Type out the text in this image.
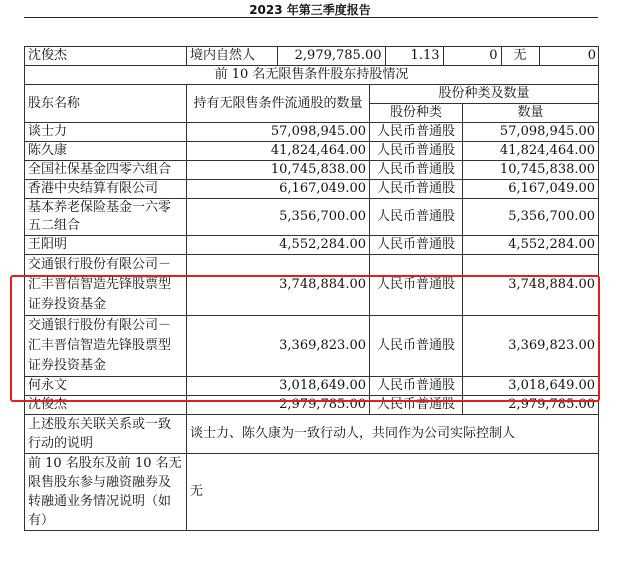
2023 年第三季度报告
沈俊杰		境内自然人	2,979,785.00	1.13	0	无	0

前 10 名无限售条件股东持股情况
股东名称	持有无限售条件流通股的数量	股份种类及数量
股份种类	数量
谈士力	57,098,945.00	人民币普通股	57,098,945.00
陈久康	41,824,464.00	人民币普通股	41,824,464.00
全国社保基金四零六组合	10,745,838.00	人民币普通股	10,745,838.00
香港中央结算有限公司	6,167,049.00	人民币普通股	6,167,049.00
基本养老保险基金一六零五二组合	5,356,700.00	人民币普通股	5,356,700.00
王阳明	4,552,284.00	人民币普通股	4,552,284.00
交通银行股份有限公司－汇丰晋信智造先锋股票型证券投资基金	3,748,884.00	人民币普通股	3,748,884.00
交通银行股份有限公司－汇丰晋信智造先锋股票型证券投资基金	3,369,823.00	人民币普通股	3,369,823.00
何永文	3,018,649.00	人民币普通股	3,018,649.00
沈俊杰	2,979,785.00	人民币普通股	2,979,785.00
上述股东关联关系或一致行动的说明	谈士力、陈久康为一致行动人，共同作为公司实际控制人
前 10 名股东及前 10 名无限售股东参与融资融券及转融通业务情况说明（如有）	无
